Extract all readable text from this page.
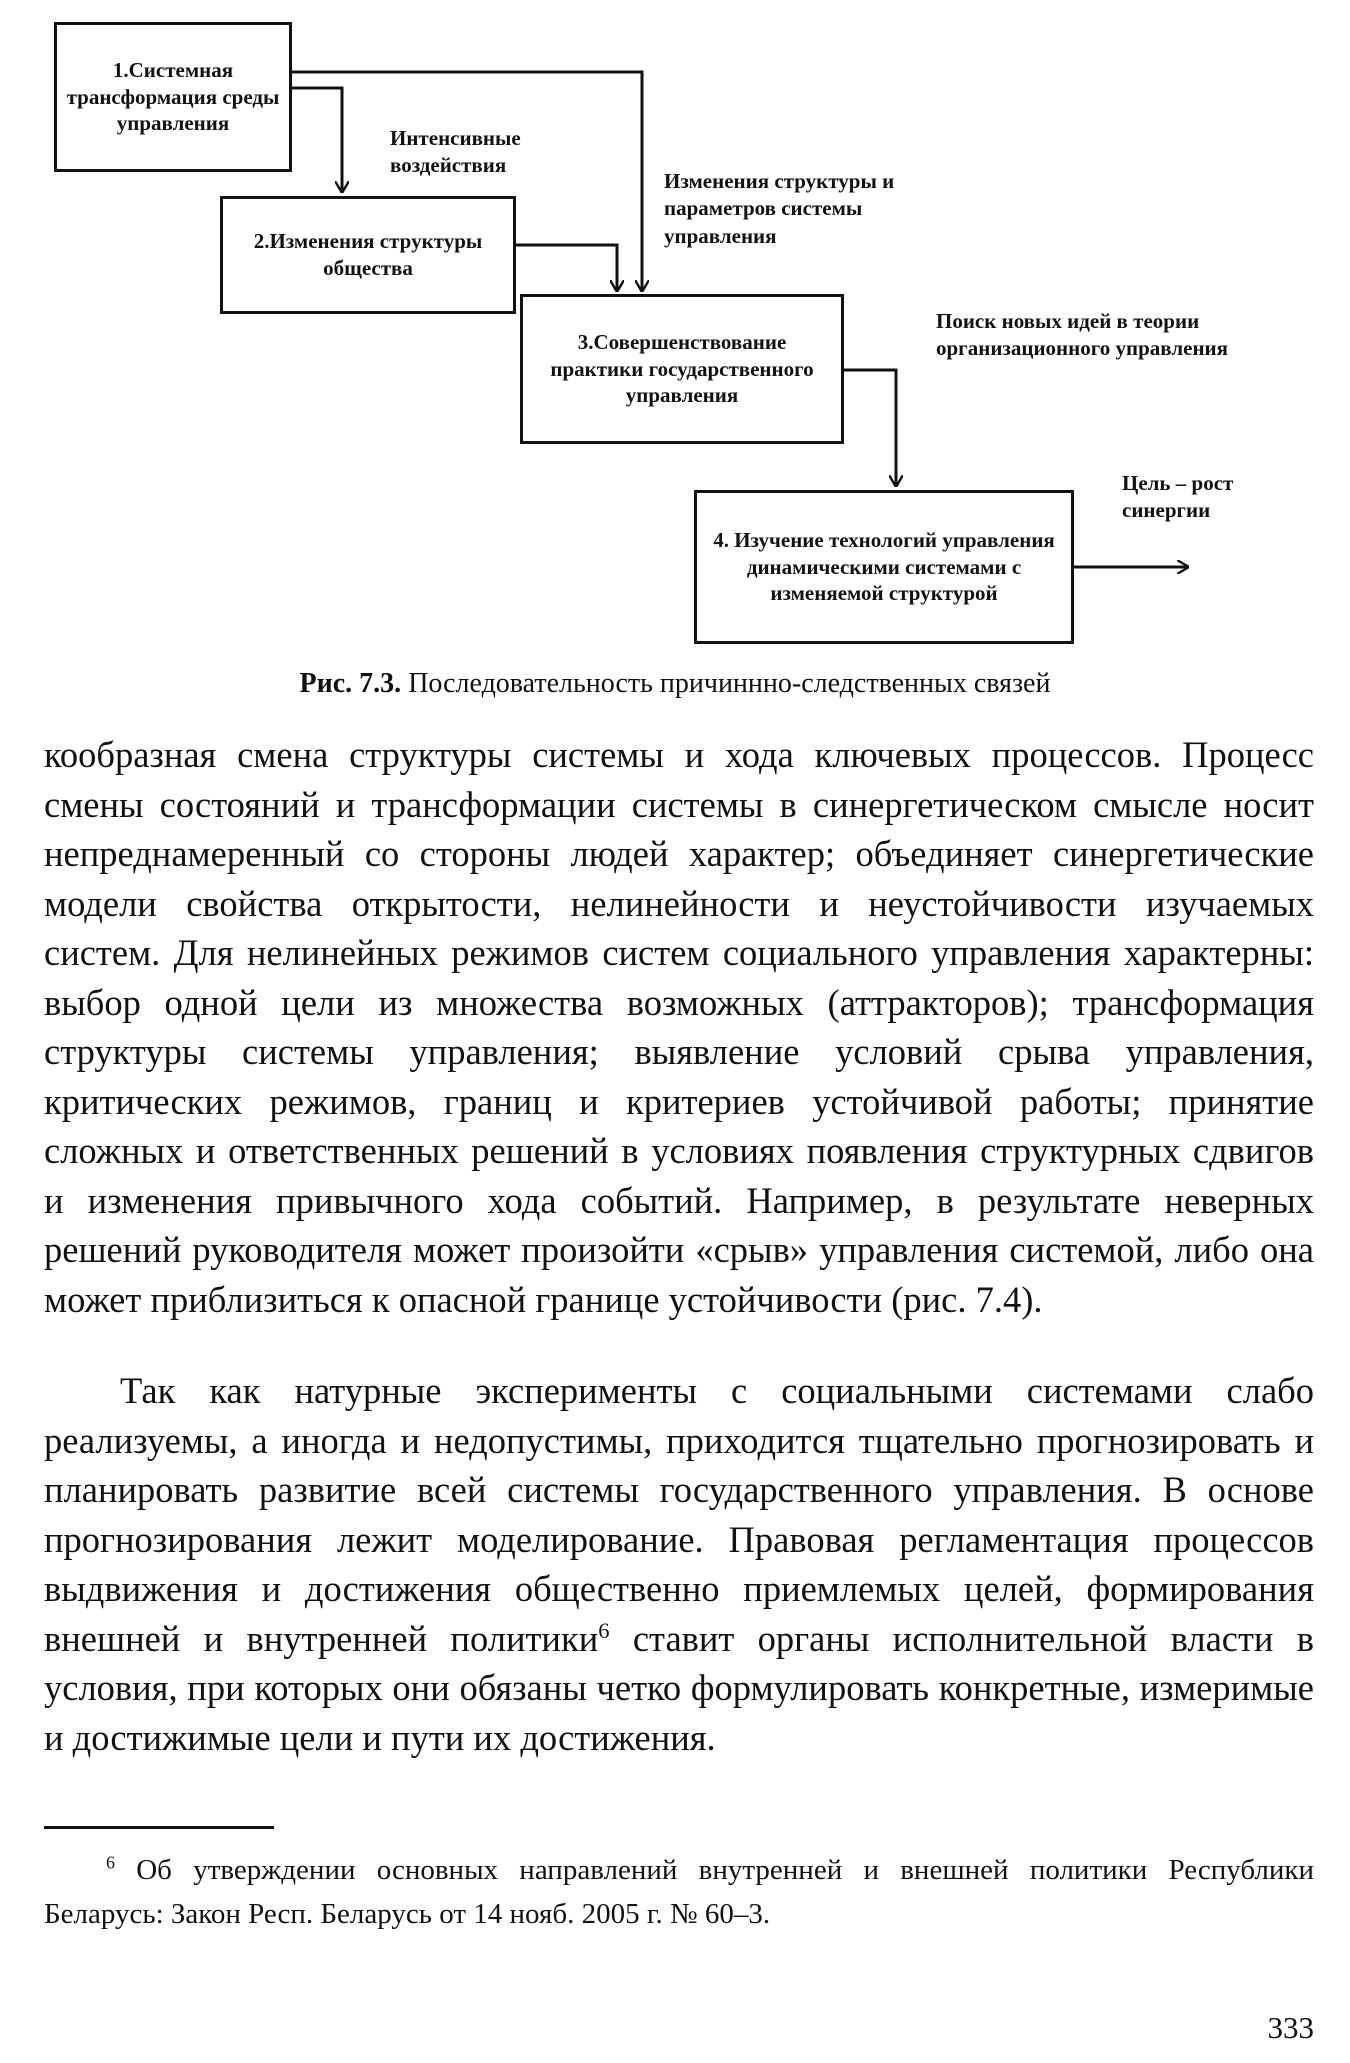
1.Системная трансформация среды управления
2.Изменения структуры общества
3.Совершенствование практики государственного управления
4. Изучение технологий управления динамическими системами с изменяемой структурой
Интенсивные воздействия
Изменения структуры и параметров системы управления
Поиск новых идей в теории организационного управления
Цель – рост синергии
Рис. 7.3. Последовательность причинннo-следственных связей

кообразная смена структуры системы и хода ключевых процессов. Процесс смены состояний и трансформации системы в синергетическом смысле носит непреднамеренный со стороны людей характер; объединяет синергетические модели свойства открытости, нелинейности и неустойчивости изучаемых систем. Для нелинейных режимов систем социального управления характерны: выбор одной цели из множества возможных (аттракторов); трансформация структуры системы управления; выявление условий срыва управления, критических режимов, границ и критериев устойчивой работы; принятие сложных и ответственных решений в условиях появления структурных сдвигов и изменения привычного хода событий. Например, в результате неверных решений руководителя может произойти «срыв» управления системой, либо она может приблизиться к опасной границе устойчивости (рис. 7.4).

Так как натурные эксперименты с социальными системами слабо реализуемы, а иногда и недопустимы, приходится тщательно прогнозировать и планировать развитие всей системы государственного управления. В основе прогнозирования лежит моделирование. Правовая регламентация процессов выдвижения и достижения общественно приемлемых целей, формирования внешней и внутренней политики$^6$ ставит органы исполнительной власти в условия, при которых они обязаны четко формулировать конкретные, измеримые и достижимые цели и пути их достижения.

$^6$ Об утверждении основных направлений внутренней и внешней политики Республики Беларусь: Закон Респ. Беларусь от 14 нояб. 2005 г. № 60–3.

333
